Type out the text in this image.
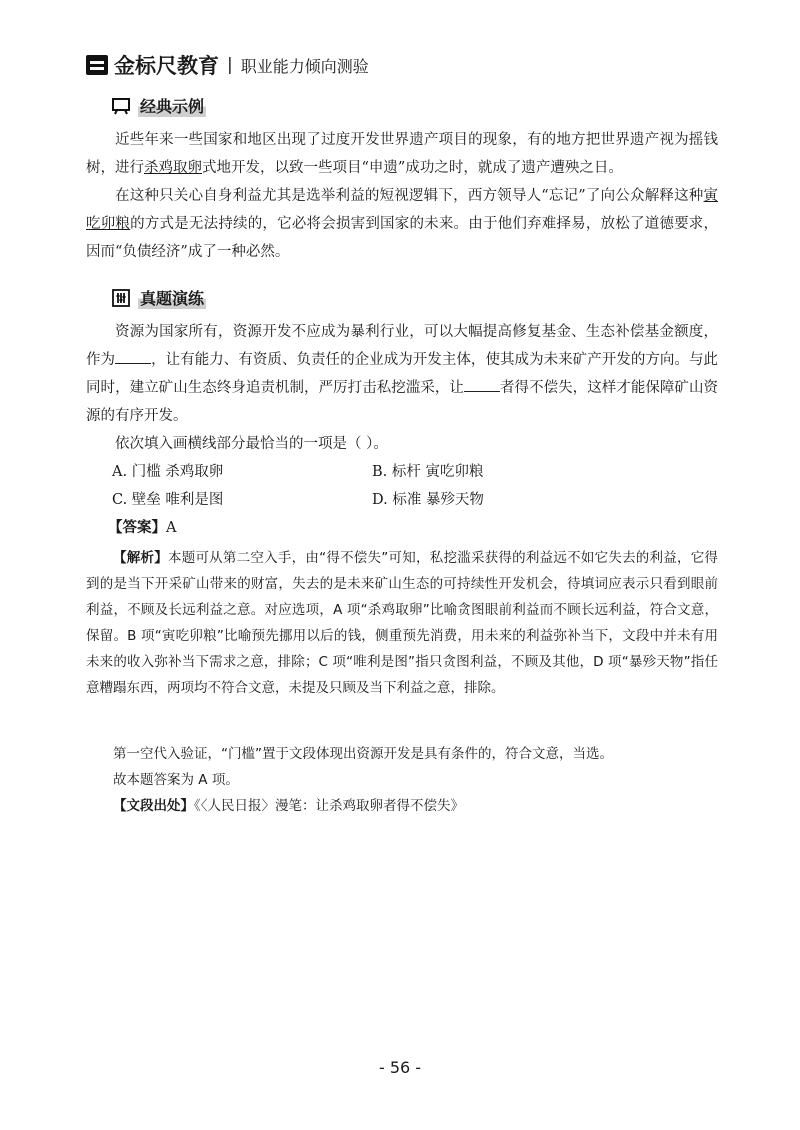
金标尺教育 | 职业能力倾向测验
经典示例

近些年来一些国家和地区出现了过度开发世界遗产项目的现象，有的地方把世界遗产视为摇钱树，进行杀鸡取卵式地开发，以致一些项目“申遗”成功之时，就成了遗产遭殃之日。

在这种只关心自身利益尤其是选举利益的短视逻辑下，西方领导人“忘记”了向公众解释这种寅吃卯粮的方式是无法持续的，它必将会损害到国家的未来。由于他们弃难择易，放松了道德要求，因而“负债经济”成了一种必然。

真题演练

资源为国家所有，资源开发不应成为暴利行业，可以大幅提高修复基金、生态补偿基金额度，作为 ，让有能力、有资质、负责任的企业成为开发主体，使其成为未来矿产开发的方向。与此同时，建立矿山生态终身追责机制，严厉打击私挖滥采，让 者得不偿失，这样才能保障矿山资源的有序开发。

依次填入画横线部分最恰当的一项是（ ）。

A. 门槛 杀鸡取卵	B. 标杆 寅吃卯粮
C. 壁垒 唯利是图	D. 标准 暴殄天物
【答案】A

【解析】本题可从第二空入手，由“得不偿失”可知，私挖滥采获得的利益远不如它失去的利益，它得到的是当下开采矿山带来的财富，失去的是未来矿山生态的可持续性开发机会，待填词应表示只看到眼前利益，不顾及长远利益之意。对应选项，A 项“杀鸡取卵”比喻贪图眼前利益而不顾长远利益，符合文意，保留。B 项“寅吃卯粮”比喻预先挪用以后的钱，侧重预先消费，用未来的利益弥补当下，文段中并未有用未来的收入弥补当下需求之意，排除；C 项“唯利是图”指只贪图利益，不顾及其他，D 项“暴殄天物”指任意糟蹋东西，两项均不符合文意，未提及只顾及当下利益之意，排除。

第一空代入验证，“门槛”置于文段体现出资源开发是具有条件的，符合文意，当选。

故本题答案为 A 项。

【文段出处】《〈人民日报〉漫笔：让杀鸡取卵者得不偿失》

- 56 -
